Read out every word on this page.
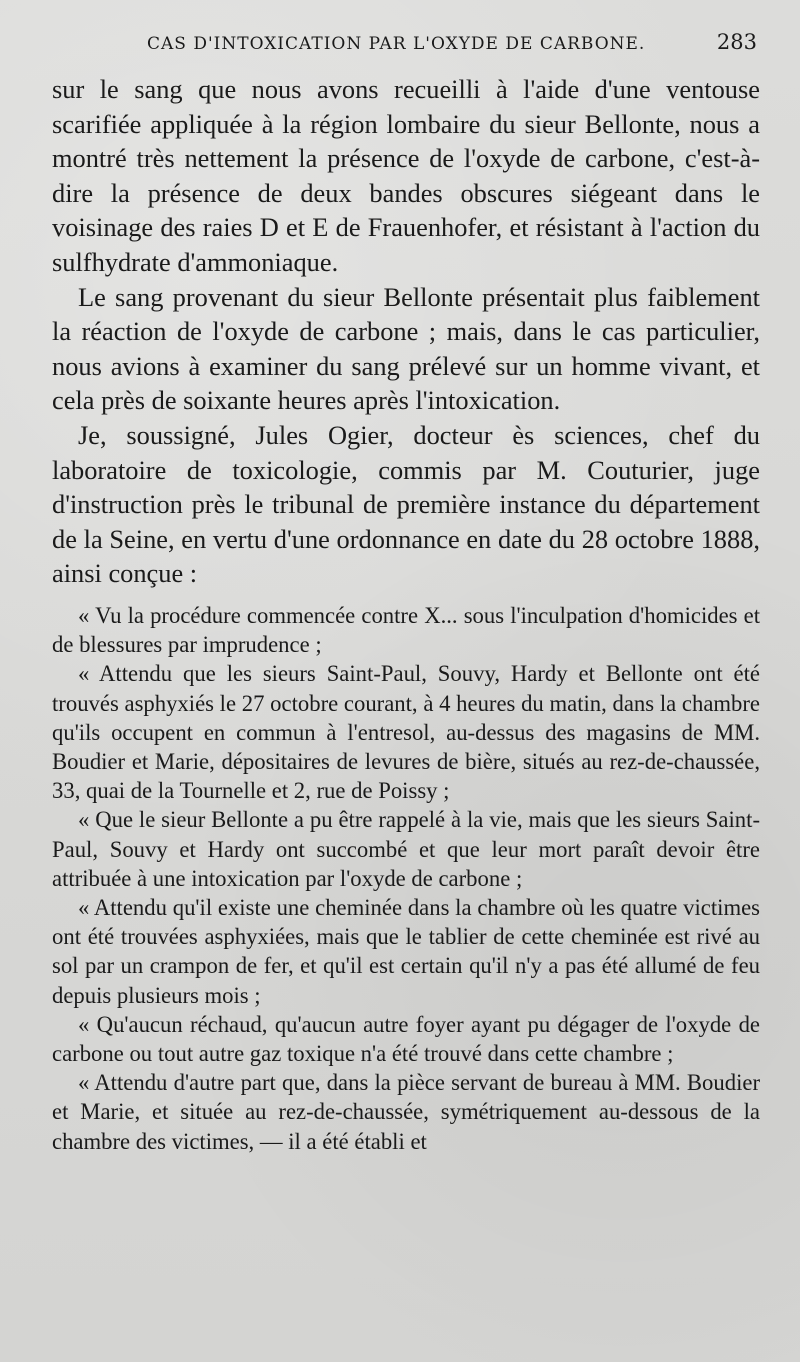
CAS D'INTOXICATION PAR L'OXYDE DE CARBONE.	283

sur le sang que nous avons recueilli à l'aide d'une ventouse scarifiée appliquée à la région lombaire du sieur Bellonte, nous a montré très nettement la présence de l'oxyde de carbone, c'est-à-dire la présence de deux bandes obscures siégeant dans le voisinage des raies D et E de Frauenhofer, et résistant à l'action du sulfhydrate d'ammoniaque.

Le sang provenant du sieur Bellonte présentait plus faiblement la réaction de l'oxyde de carbone ; mais, dans le cas particulier, nous avions à examiner du sang prélevé sur un homme vivant, et cela près de soixante heures après l'intoxication.

Je, soussigné, Jules Ogier, docteur ès sciences, chef du laboratoire de toxicologie, commis par M. Couturier, juge d'instruction près le tribunal de première instance du département de la Seine, en vertu d'une ordonnance en date du 28 octobre 1888, ainsi conçue :

« Vu la procédure commencée contre X... sous l'inculpation d'homicides et de blessures par imprudence ;

« Attendu que les sieurs Saint-Paul, Souvy, Hardy et Bellonte ont été trouvés asphyxiés le 27 octobre courant, à 4 heures du matin, dans la chambre qu'ils occupent en commun à l'entresol, au-dessus des magasins de MM. Boudier et Marie, dépositaires de levures de bière, situés au rez-de-chaussée, 33, quai de la Tournelle et 2, rue de Poissy ;

« Que le sieur Bellonte a pu être rappelé à la vie, mais que les sieurs Saint-Paul, Souvy et Hardy ont succombé et que leur mort paraît devoir être attribuée à une intoxication par l'oxyde de carbone ;

« Attendu qu'il existe une cheminée dans la chambre où les quatre victimes ont été trouvées asphyxiées, mais que le tablier de cette cheminée est rivé au sol par un crampon de fer, et qu'il est certain qu'il n'y a pas été allumé de feu depuis plusieurs mois ;

« Qu'aucun réchaud, qu'aucun autre foyer ayant pu dégager de l'oxyde de carbone ou tout autre gaz toxique n'a été trouvé dans cette chambre ;

« Attendu d'autre part que, dans la pièce servant de bureau à MM. Boudier et Marie, et située au rez-de-chaussée, symétriquement au-dessous de la chambre des victimes, — il a été établi et
